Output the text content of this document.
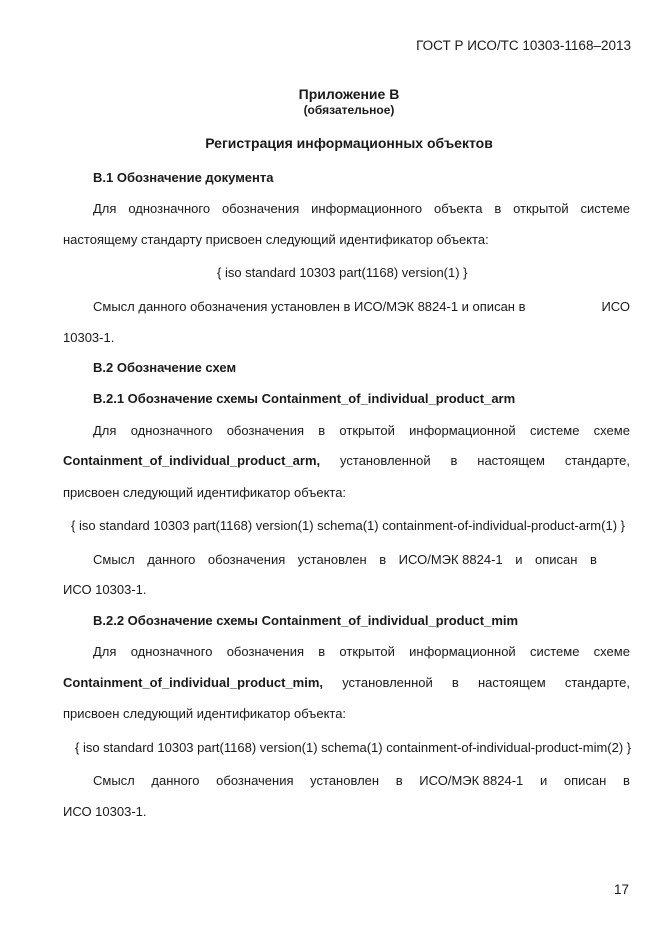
ГОСТ Р ИСО/ТС 10303-1168–2013
Приложение В
(обязательное)
Регистрация информационных объектов
В.1 Обозначение документа
Для однозначного обозначения информационного объекта в открытой системе
настоящему стандарту присвоен следующий идентификатор объекта:
{ iso standard 10303 part(1168) version(1) }
Смысл данного обозначения установлен в ИСО/МЭК 8824-1 и описан в	ИСО
10303-1.
В.2 Обозначение схем
В.2.1 Обозначение схемы Containment_of_individual_product_arm
Для однозначного обозначения в открытой информационной системе схеме
Containment_of_individual_product_arm, установленной в настоящем стандарте,
присвоен следующий идентификатор объекта:
{ iso standard 10303 part(1168) version(1) schema(1) containment-of-individual-product-arm(1) }
Смысл данного обозначения установлен в ИСО/МЭК 8824-1 и описан в
ИСО 10303-1.
В.2.2 Обозначение схемы Containment_of_individual_product_mim
Для однозначного обозначения в открытой информационной системе схеме
Containment_of_individual_product_mim, установленной в настоящем стандарте,
присвоен следующий идентификатор объекта:
{ iso standard 10303 part(1168) version(1) schema(1) containment-of-individual-product-mim(2) }
Смысл данного обозначения установлен в ИСО/МЭК 8824-1 и описан в
ИСО 10303-1.
17
